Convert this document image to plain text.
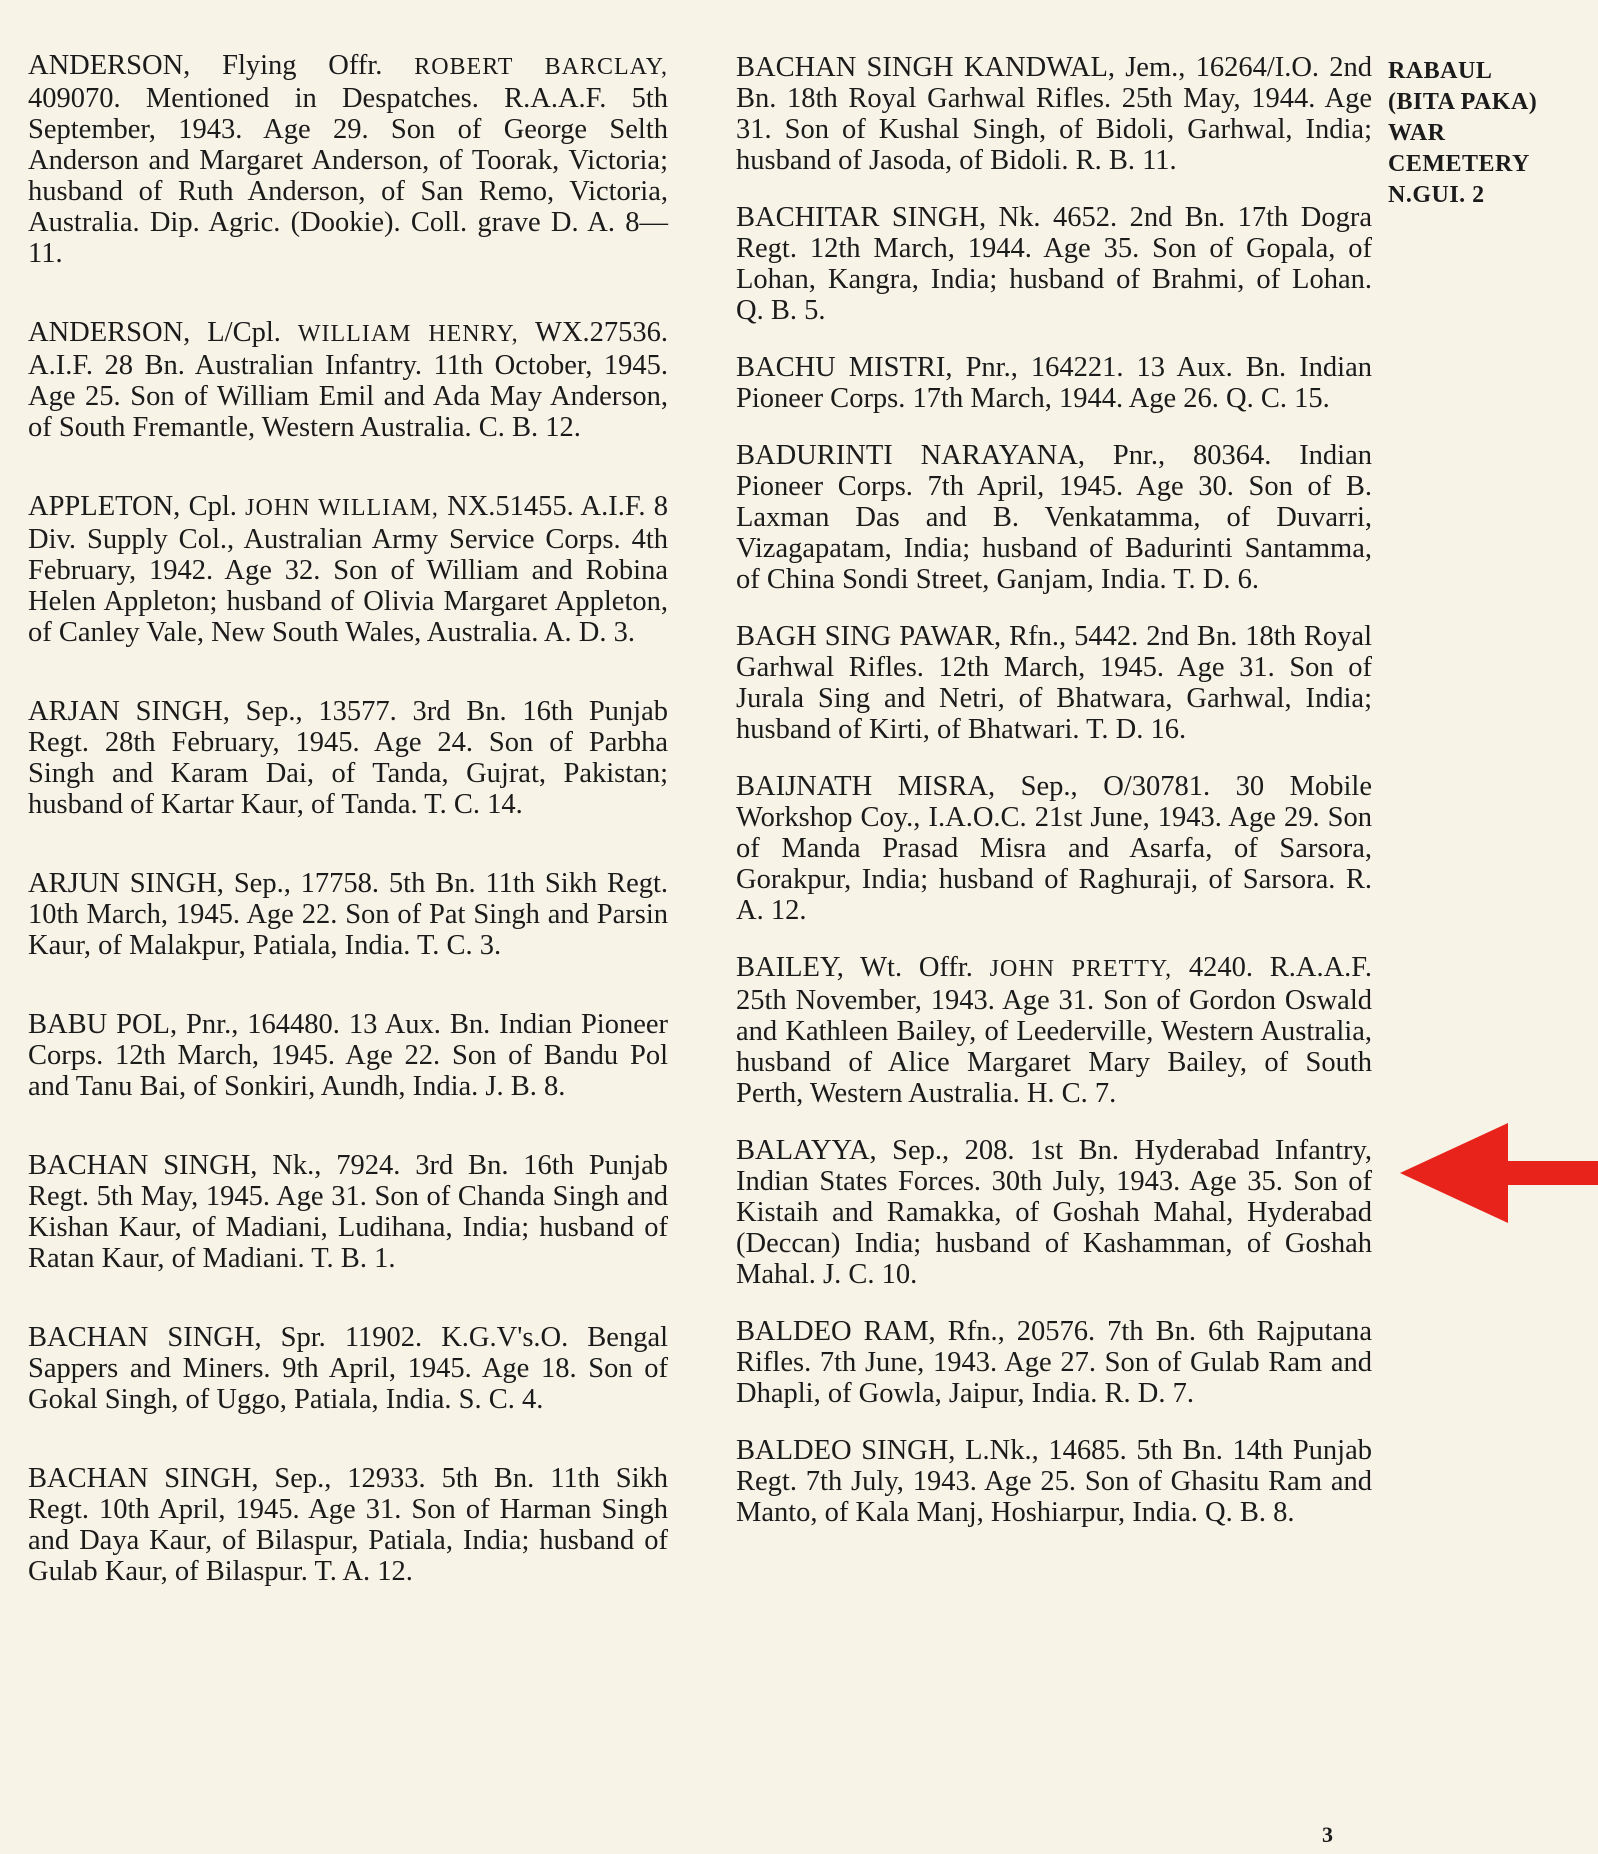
ANDERSON, Flying Offr. ROBERT BARCLAY, 409070. Mentioned in Despatches. R.A.A.F. 5th September, 1943. Age 29. Son of George Selth Anderson and Margaret Anderson, of Toorak, Victoria; husband of Ruth Anderson, of San Remo, Victoria, Australia. Dip. Agric. (Dookie). Coll. grave D. A. 8—11.

ANDERSON, L/Cpl. WILLIAM HENRY, WX.27536. A.I.F. 28 Bn. Australian Infantry. 11th October, 1945. Age 25. Son of William Emil and Ada May Anderson, of South Fremantle, Western Australia. C. B. 12.

APPLETON, Cpl. JOHN WILLIAM, NX.51455. A.I.F. 8 Div. Supply Col., Australian Army Service Corps. 4th February, 1942. Age 32. Son of William and Robina Helen Appleton; husband of Olivia Margaret Appleton, of Canley Vale, New South Wales, Australia. A. D. 3.

ARJAN SINGH, Sep., 13577. 3rd Bn. 16th Punjab Regt. 28th February, 1945. Age 24. Son of Parbha Singh and Karam Dai, of Tanda, Gujrat, Pakistan; husband of Kartar Kaur, of Tanda. T. C. 14.

ARJUN SINGH, Sep., 17758. 5th Bn. 11th Sikh Regt. 10th March, 1945. Age 22. Son of Pat Singh and Parsin Kaur, of Malakpur, Patiala, India. T. C. 3.

BABU POL, Pnr., 164480. 13 Aux. Bn. Indian Pioneer Corps. 12th March, 1945. Age 22. Son of Bandu Pol and Tanu Bai, of Sonkiri, Aundh, India. J. B. 8.

BACHAN SINGH, Nk., 7924. 3rd Bn. 16th Punjab Regt. 5th May, 1945. Age 31. Son of Chanda Singh and Kishan Kaur, of Madiani, Ludihana, India; husband of Ratan Kaur, of Madiani. T. B. 1.

BACHAN SINGH, Spr. 11902. K.G.V's.O. Bengal Sappers and Miners. 9th April, 1945. Age 18. Son of Gokal Singh, of Uggo, Patiala, India. S. C. 4.

BACHAN SINGH, Sep., 12933. 5th Bn. 11th Sikh Regt. 10th April, 1945. Age 31. Son of Harman Singh and Daya Kaur, of Bilaspur, Patiala, India; husband of Gulab Kaur, of Bilaspur. T. A. 12.

BACHAN SINGH KANDWAL, Jem., 16264/I.O. 2nd Bn. 18th Royal Garhwal Rifles. 25th May, 1944. Age 31. Son of Kushal Singh, of Bidoli, Garhwal, India; husband of Jasoda, of Bidoli. R. B. 11.

BACHITAR SINGH, Nk. 4652. 2nd Bn. 17th Dogra Regt. 12th March, 1944. Age 35. Son of Gopala, of Lohan, Kangra, India; husband of Brahmi, of Lohan. Q. B. 5.

BACHU MISTRI, Pnr., 164221. 13 Aux. Bn. Indian Pioneer Corps. 17th March, 1944. Age 26. Q. C. 15.

BADURINTI NARAYANA, Pnr., 80364. Indian Pioneer Corps. 7th April, 1945. Age 30. Son of B. Laxman Das and B. Venkatamma, of Duvarri, Vizagapatam, India; husband of Badurinti Santamma, of China Sondi Street, Ganjam, India. T. D. 6.

BAGH SING PAWAR, Rfn., 5442. 2nd Bn. 18th Royal Garhwal Rifles. 12th March, 1945. Age 31. Son of Jurala Sing and Netri, of Bhatwara, Garhwal, India; husband of Kirti, of Bhatwari. T. D. 16.

BAIJNATH MISRA, Sep., O/30781. 30 Mobile Workshop Coy., I.A.O.C. 21st June, 1943. Age 29. Son of Manda Prasad Misra and Asarfa, of Sarsora, Gorakpur, India; husband of Raghuraji, of Sarsora. R. A. 12.

BAILEY, Wt. Offr. JOHN PRETTY, 4240. R.A.A.F. 25th November, 1943. Age 31. Son of Gordon Oswald and Kathleen Bailey, of Leederville, Western Australia, husband of Alice Margaret Mary Bailey, of South Perth, Western Australia. H. C. 7.

BALAYYA, Sep., 208. 1st Bn. Hyderabad Infantry, Indian States Forces. 30th July, 1943. Age 35. Son of Kistaih and Ramakka, of Goshah Mahal, Hyderabad (Deccan) India; husband of Kashamman, of Goshah Mahal. J. C. 10.

BALDEO RAM, Rfn., 20576. 7th Bn. 6th Rajputana Rifles. 7th June, 1943. Age 27. Son of Gulab Ram and Dhapli, of Gowla, Jaipur, India. R. D. 7.

BALDEO SINGH, L.Nk., 14685. 5th Bn. 14th Punjab Regt. 7th July, 1943. Age 25. Son of Ghasitu Ram and Manto, of Kala Manj, Hoshiarpur, India. Q. B. 8.

RABAUL
(BITA PAKA)
WAR
CEMETERY
N.GUI. 2
3
